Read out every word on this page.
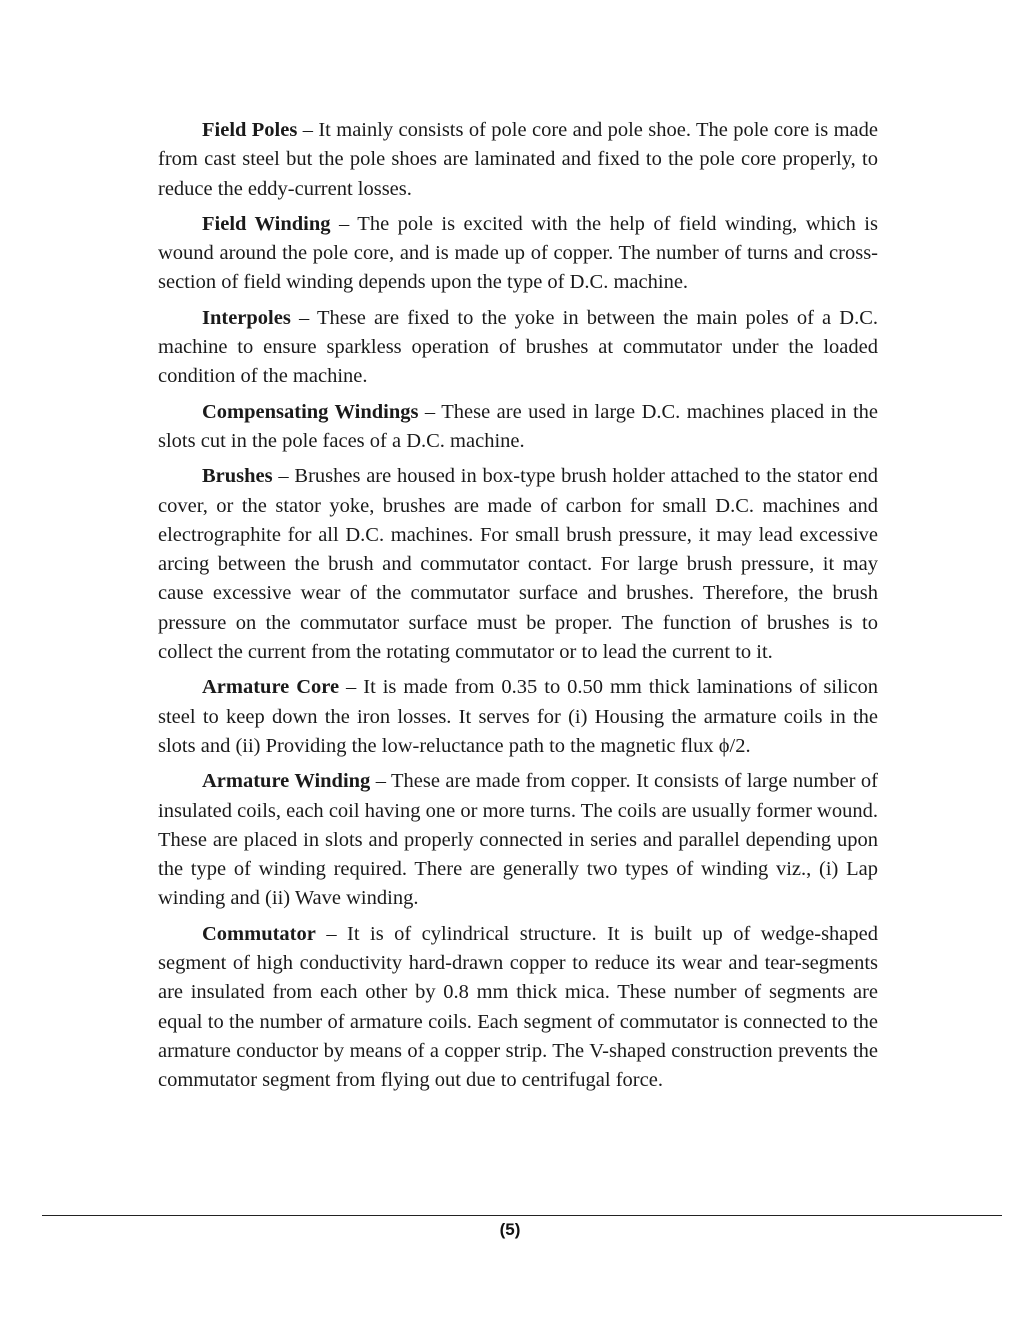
Field Poles – It mainly consists of pole core and pole shoe. The pole core is made from cast steel but the pole shoes are laminated and fixed to the pole core properly, to reduce the eddy-current losses.

Field Winding – The pole is excited with the help of field winding, which is wound around the pole core, and is made up of copper. The number of turns and cross-section of field winding depends upon the type of D.C. machine.

Interpoles – These are fixed to the yoke in between the main poles of a D.C. machine to ensure sparkless operation of brushes at commutator under the loaded condition of the machine.

Compensating Windings – These are used in large D.C. machines placed in the slots cut in the pole faces of a D.C. machine.

Brushes – Brushes are housed in box-type brush holder attached to the stator end cover, or the stator yoke, brushes are made of carbon for small D.C. machines and electrographite for all D.C. machines. For small brush pressure, it may lead excessive arcing between the brush and commutator contact. For large brush pressure, it may cause excessive wear of the commutator surface and brushes. Therefore, the brush pressure on the commutator surface must be proper. The function of brushes is to collect the current from the rotating commutator or to lead the current to it.

Armature Core – It is made from 0.35 to 0.50 mm thick laminations of silicon steel to keep down the iron losses. It serves for (i) Housing the armature coils in the slots and (ii) Providing the low-reluctance path to the magnetic flux ϕ/2.

Armature Winding – These are made from copper. It consists of large number of insulated coils, each coil having one or more turns. The coils are usually former wound. These are placed in slots and properly connected in series and parallel depending upon the type of winding required. There are generally two types of winding viz., (i) Lap winding and (ii) Wave winding.

Commutator – It is of cylindrical structure. It is built up of wedge-shaped segment of high conductivity hard-drawn copper to reduce its wear and tear-segments are insulated from each other by 0.8 mm thick mica. These number of segments are equal to the number of armature coils. Each segment of commutator is connected to the armature conductor by means of a copper strip. The V-shaped construction prevents the commutator segment from flying out due to centrifugal force.

(5)
